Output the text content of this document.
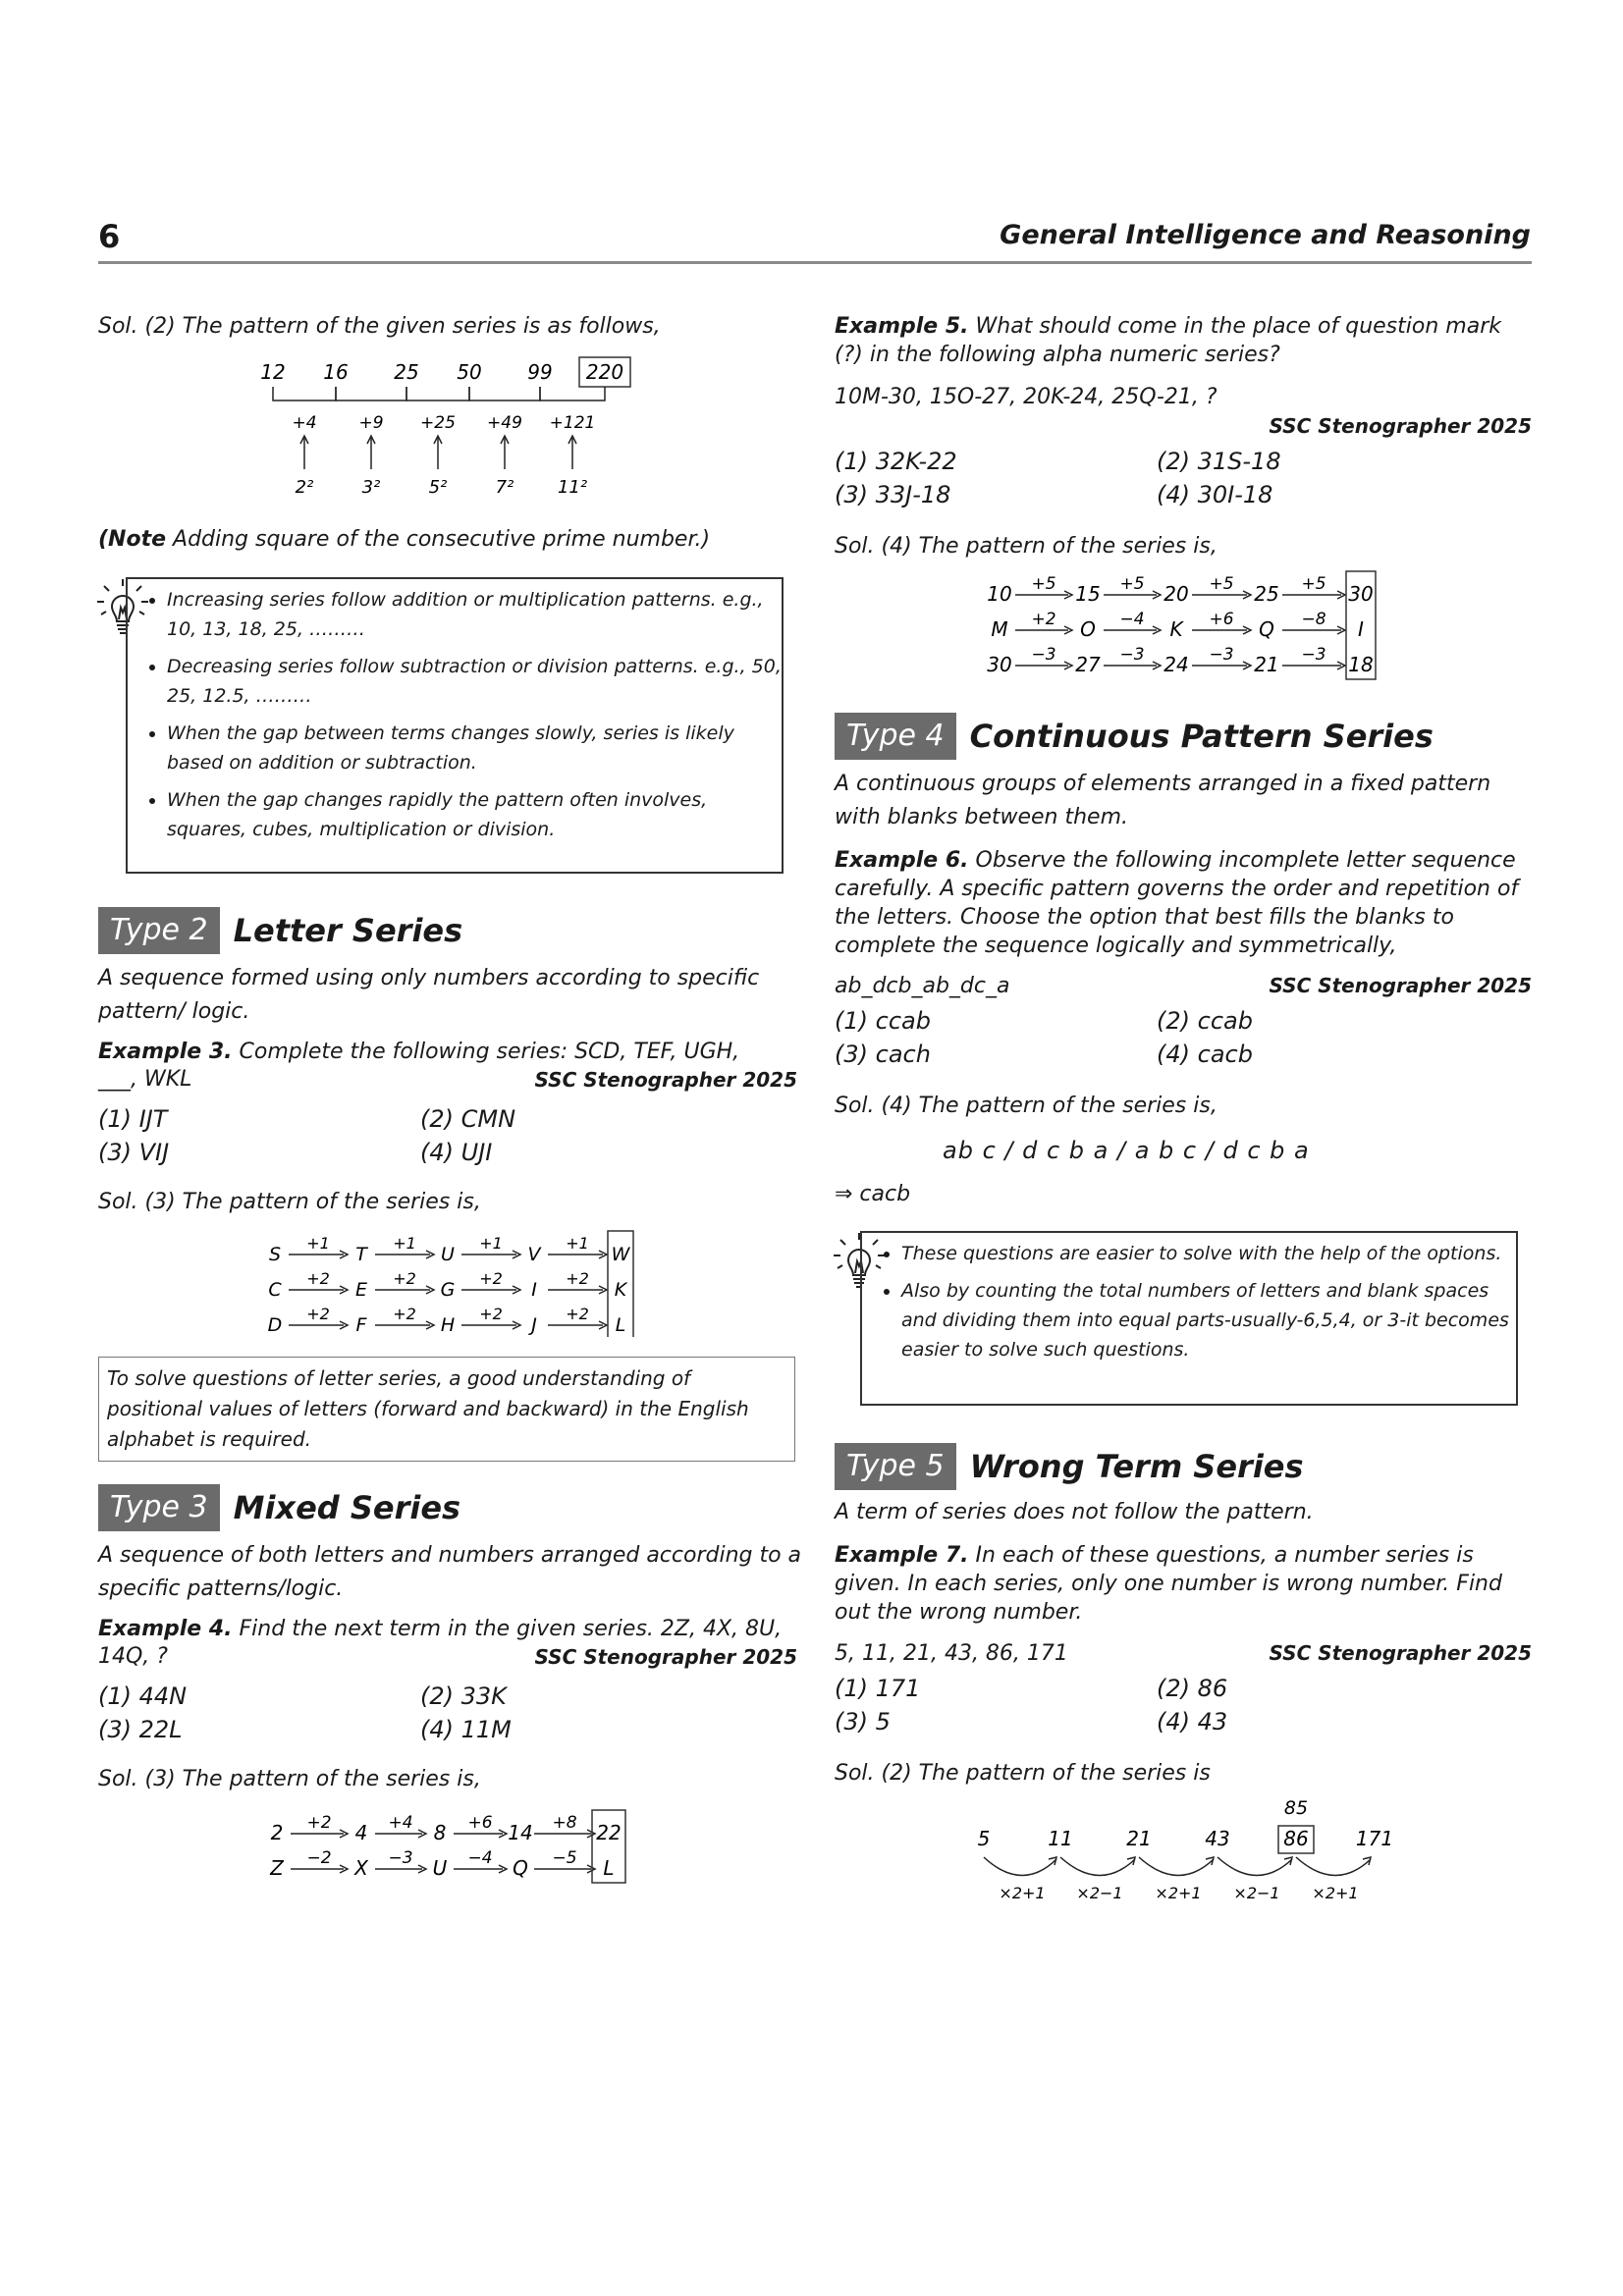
6	General Intelligence and Reasoning
Sol. (2) The pattern of the given series is as follows,
12 16 25 50 99 220
+4
2²
+9
3²
+25
5²
+49
7²
+121
11²
(Note Adding square of the consecutive prime number.)
• Increasing series follow addition or multiplication patterns. e.g., 10, 13, 18, 25, ………
• Decreasing series follow subtraction or division patterns. e.g., 50, 25, 12.5, ………
• When the gap between terms changes slowly, series is likely based on addition or subtraction.
• When the gap changes rapidly the pattern often involves, squares, cubes, multiplication or division.
Type 2 Letter Series
A sequence formed using only numbers according to specific pattern/ logic.
Example 3. Complete the following series: SCD, TEF, UGH, ___, WKL	SSC Stenographer 2025
(1) IJT	(2) CMN
(3) VIJ	(4) UJI
Sol. (3) The pattern of the series is,
S	T	U	V	W
+1	+1	+1	+1
C	E	G	I	K
+2	+2	+2	+2
D	F	H	J	L
+2	+2	+2	+2
To solve questions of letter series, a good understanding of positional values of letters (forward and backward) in the English alphabet is required.
Type 3 Mixed Series
A sequence of both letters and numbers arranged according to a specific patterns/logic.
Example 4. Find the next term in the given series. 2Z, 4X, 8U, 14Q, ?	SSC Stenographer 2025
(1) 44N	(2) 33K
(3) 22L	(4) 11M
Sol. (3) The pattern of the series is,
2	4	8	14	22
+2	+4	+6	+8
Z	X	U	Q	L
−2	−3	−4	−5
Example 5. What should come in the place of question mark (?) in the following alpha numeric series?
10M-30, 15O-27, 20K-24, 25Q-21, ?
SSC Stenographer 2025
(1) 32K-22	(2) 31S-18
(3) 33J-18	(4) 30I-18
Sol. (4) The pattern of the series is,
10	15	20	25	30
+5	+5	+5	+5
M	O	K	Q	I
+2	−4	+6	−8
30	27	24	21	18
−3	−3	−3	−3
Type 4 Continuous Pattern Series
A continuous groups of elements arranged in a fixed pattern with blanks between them.
Example 6. Observe the following incomplete letter sequence carefully. A specific pattern governs the order and repetition of the letters. Choose the option that best fills the blanks to complete the sequence logically and symmetrically,
ab_dcb_ab_dc_a	SSC Stenographer 2025
(1) ccab	(2) ccab
(3) cach	(4) cacb
Sol. (4) The pattern of the series is,
ab c / d c b a / a b c / d c b a
⇒ cacb
• These questions are easier to solve with the help of the options.
• Also by counting the total numbers of letters and blank spaces and dividing them into equal parts-usually-6,5,4, or 3-it becomes easier to solve such questions.
Type 5 Wrong Term Series
A term of series does not follow the pattern.
Example 7. In each of these questions, a number series is given. In each series, only one number is wrong number. Find out the wrong number.
5, 11, 21, 43, 86, 171	SSC Stenographer 2025
(1) 171	(2) 86
(3) 5	(4) 43
Sol. (2) The pattern of the series is
85
5	11	21	43	86 171
×2+1 ×2−1 ×2+1 ×2−1 ×2+1
